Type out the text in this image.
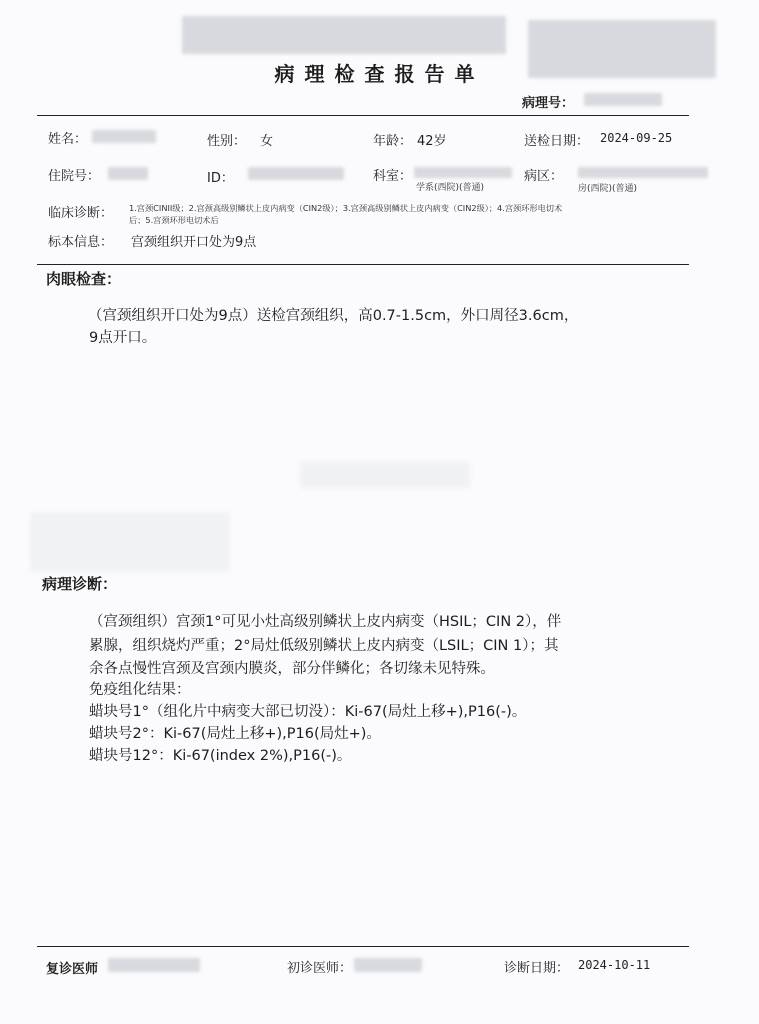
病理检查报告单
病理号：
姓名：	性别： 女	年龄： 42岁	送检日期： 2024-09-25
住院号：	ID：	科室：
学系(西院)(普通)
病区：
房(西院)(普通)
临床诊断： 1.宫颈CINII级；2.宫颈高级别鳞状上皮内病变（CIN2级）；3.宫颈高级别鳞状上皮内病变（CIN2级）；4.宫颈环形电切术
后；5.宫颈环形电切术后
标本信息： 宫颈组织开口处为9点
肉眼检查：
（宫颈组织开口处为9点）送检宫颈组织，高0.7-1.5cm，外口周径3.6cm，
9点开口。
病理诊断：
（宫颈组织）宫颈1°可见小灶高级别鳞状上皮内病变（HSIL；CIN 2），伴
累腺，组织烧灼严重；2°局灶低级别鳞状上皮内病变（LSIL；CIN 1）；其
余各点慢性宫颈及宫颈内膜炎，部分伴鳞化；各切缘未见特殊。
免疫组化结果：
蜡块号1°（组化片中病变大部已切没）：Ki-67(局灶上移+),P16(-)。
蜡块号2°：Ki-67(局灶上移+),P16(局灶+)。
蜡块号12°：Ki-67(index 2%),P16(-)。
复诊医师	初诊医师：	诊断日期： 2024-10-11
